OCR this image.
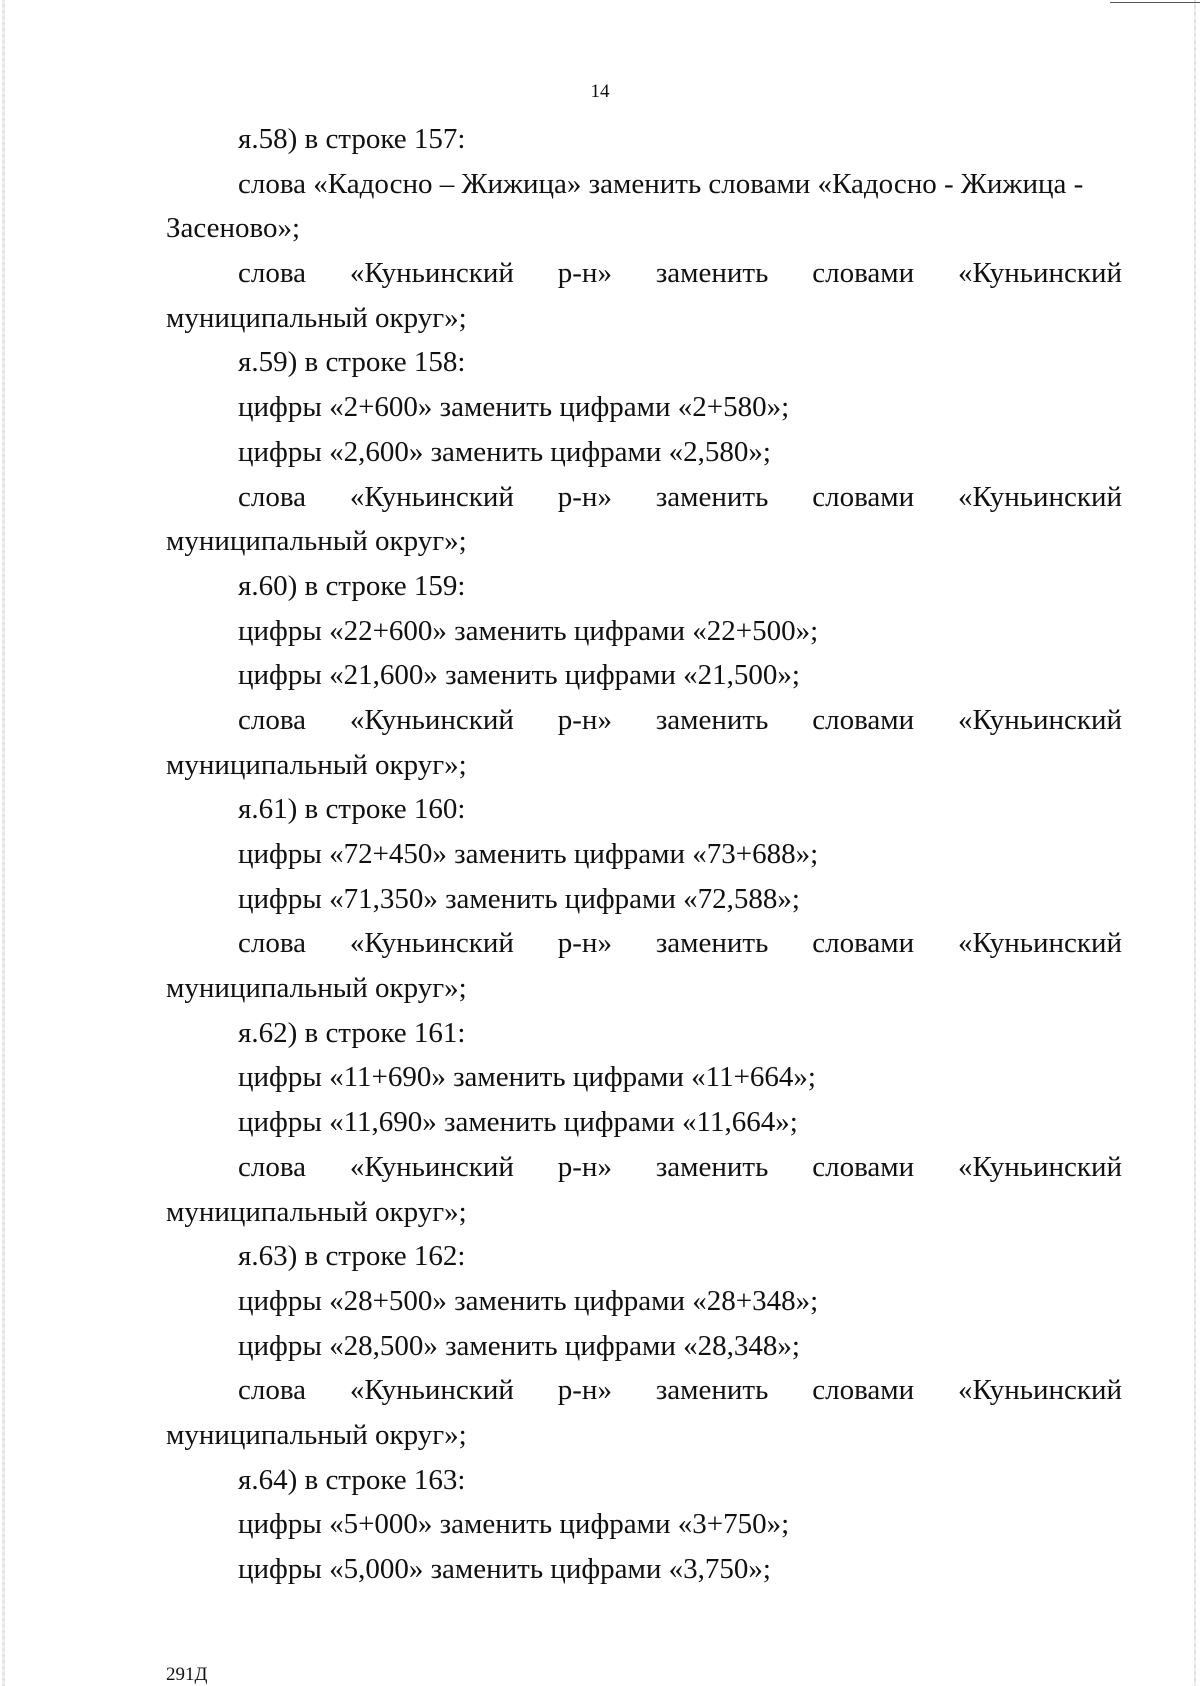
14
я.58) в строке 157:
слова «Кадосно – Жижица» заменить словами «Кадосно - Жижица -
Засеново»;
слова «Куньинский р-н» заменить словами «Куньинский
муниципальный округ»;
я.59) в строке 158:
цифры «2+600» заменить цифрами «2+580»;
цифры «2,600» заменить цифрами «2,580»;
слова «Куньинский р-н» заменить словами «Куньинский
муниципальный округ»;
я.60) в строке 159:
цифры «22+600» заменить цифрами «22+500»;
цифры «21,600» заменить цифрами «21,500»;
слова «Куньинский р-н» заменить словами «Куньинский
муниципальный округ»;
я.61) в строке 160:
цифры «72+450» заменить цифрами «73+688»;
цифры «71,350» заменить цифрами «72,588»;
слова «Куньинский р-н» заменить словами «Куньинский
муниципальный округ»;
я.62) в строке 161:
цифры «11+690» заменить цифрами «11+664»;
цифры «11,690» заменить цифрами «11,664»;
слова «Куньинский р-н» заменить словами «Куньинский
муниципальный округ»;
я.63) в строке 162:
цифры «28+500» заменить цифрами «28+348»;
цифры «28,500» заменить цифрами «28,348»;
слова «Куньинский р-н» заменить словами «Куньинский
муниципальный округ»;
я.64) в строке 163:
цифры «5+000» заменить цифрами «3+750»;
цифры «5,000» заменить цифрами «3,750»;
291Д
